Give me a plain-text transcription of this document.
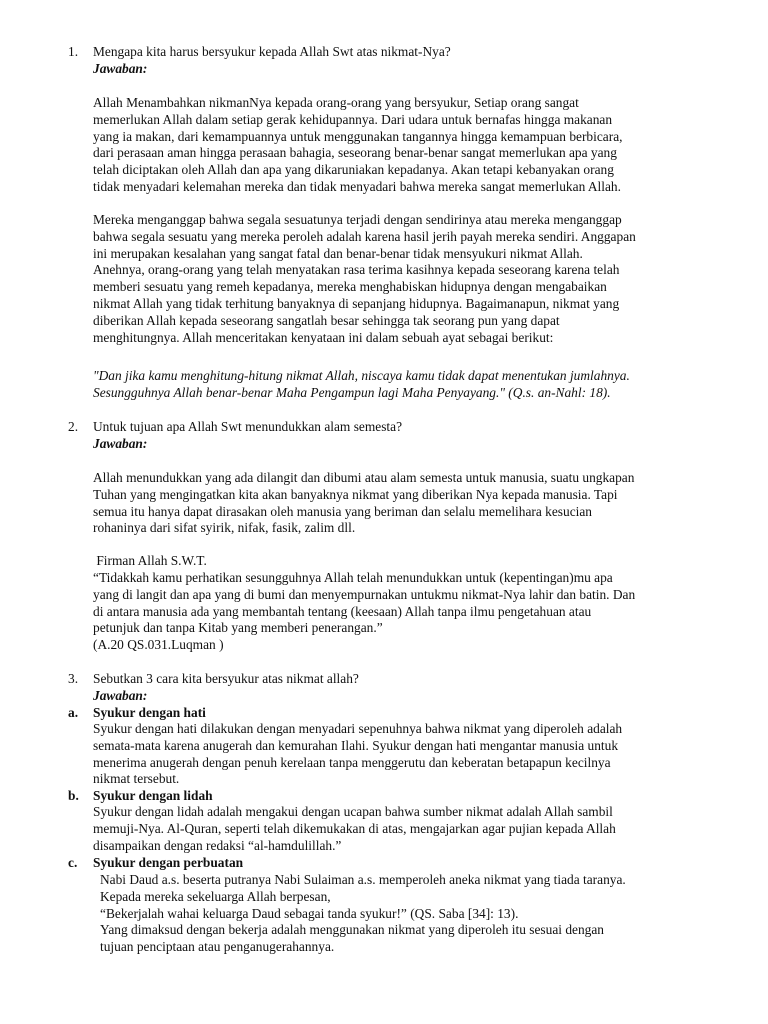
1. Mengapa kita harus bersyukur kepada Allah Swt atas nikmat-Nya?
Jawaban:
Allah Menambahkan nikmanNya kepada orang-orang yang bersyukur, Setiap orang sangat
memerlukan Allah dalam setiap gerak kehidupannya. Dari udara untuk bernafas hingga makanan
yang ia makan, dari kemampuannya untuk menggunakan tangannya hingga kemampuan berbicara,
dari perasaan aman hingga perasaan bahagia, seseorang benar-benar sangat memerlukan apa yang
telah diciptakan oleh Allah dan apa yang dikaruniakan kepadanya. Akan tetapi kebanyakan orang
tidak menyadari kelemahan mereka dan tidak menyadari bahwa mereka sangat memerlukan Allah.
Mereka menganggap bahwa segala sesuatunya terjadi dengan sendirinya atau mereka menganggap
bahwa segala sesuatu yang mereka peroleh adalah karena hasil jerih payah mereka sendiri. Anggapan
ini merupakan kesalahan yang sangat fatal dan benar-benar tidak mensyukuri nikmat Allah.
Anehnya, orang-orang yang telah menyatakan rasa terima kasihnya kepada seseorang karena telah
memberi sesuatu yang remeh kepadanya, mereka menghabiskan hidupnya dengan mengabaikan
nikmat Allah yang tidak terhitung banyaknya di sepanjang hidupnya. Bagaimanapun, nikmat yang
diberikan Allah kepada seseorang sangatlah besar sehingga tak seorang pun yang dapat
menghitungnya. Allah menceritakan kenyataan ini dalam sebuah ayat sebagai berikut:
"Dan jika kamu menghitung-hitung nikmat Allah, niscaya kamu tidak dapat menentukan jumlahnya.
Sesungguhnya Allah benar-benar Maha Pengampun lagi Maha Penyayang." (Q.s. an-Nahl: 18).
2. Untuk tujuan apa Allah Swt menundukkan alam semesta?
Jawaban:
Allah menundukkan yang ada dilangit dan dibumi atau alam semesta untuk manusia, suatu ungkapan
Tuhan yang mengingatkan kita akan banyaknya nikmat yang diberikan Nya kepada manusia. Tapi
semua itu hanya dapat dirasakan oleh manusia yang beriman dan selalu memelihara kesucian
rohaninya dari sifat syirik, nifak, fasik, zalim dll.
Firman Allah S.W.T.
“Tidakkah kamu perhatikan sesungguhnya Allah telah menundukkan untuk (kepentingan)mu apa
yang di langit dan apa yang di bumi dan menyempurnakan untukmu nikmat-Nya lahir dan batin. Dan
di antara manusia ada yang membantah tentang (keesaan) Allah tanpa ilmu pengetahuan atau
petunjuk dan tanpa Kitab yang memberi penerangan.”
(A.20 QS.031.Luqman )
3. Sebutkan 3 cara kita bersyukur atas nikmat allah?
Jawaban:
a. Syukur dengan hati
Syukur dengan hati dilakukan dengan menyadari sepenuhnya bahwa nikmat yang diperoleh adalah
semata-mata karena anugerah dan kemurahan Ilahi. Syukur dengan hati mengantar manusia untuk
menerima anugerah dengan penuh kerelaan tanpa menggerutu dan keberatan betapapun kecilnya
nikmat tersebut.
b. Syukur dengan lidah
Syukur dengan lidah adalah mengakui dengan ucapan bahwa sumber nikmat adalah Allah sambil
memuji-Nya. Al-Quran, seperti telah dikemukakan di atas, mengajarkan agar pujian kepada Allah
disampaikan dengan redaksi “al-hamdulillah.”
c. Syukur dengan perbuatan
Nabi Daud a.s. beserta putranya Nabi Sulaiman a.s. memperoleh aneka nikmat yang tiada taranya.
Kepada mereka sekeluarga Allah berpesan,
“Bekerjalah wahai keluarga Daud sebagai tanda syukur!” (QS. Saba [34]: 13).
Yang dimaksud dengan bekerja adalah menggunakan nikmat yang diperoleh itu sesuai dengan
tujuan penciptaan atau penganugerahannya.
